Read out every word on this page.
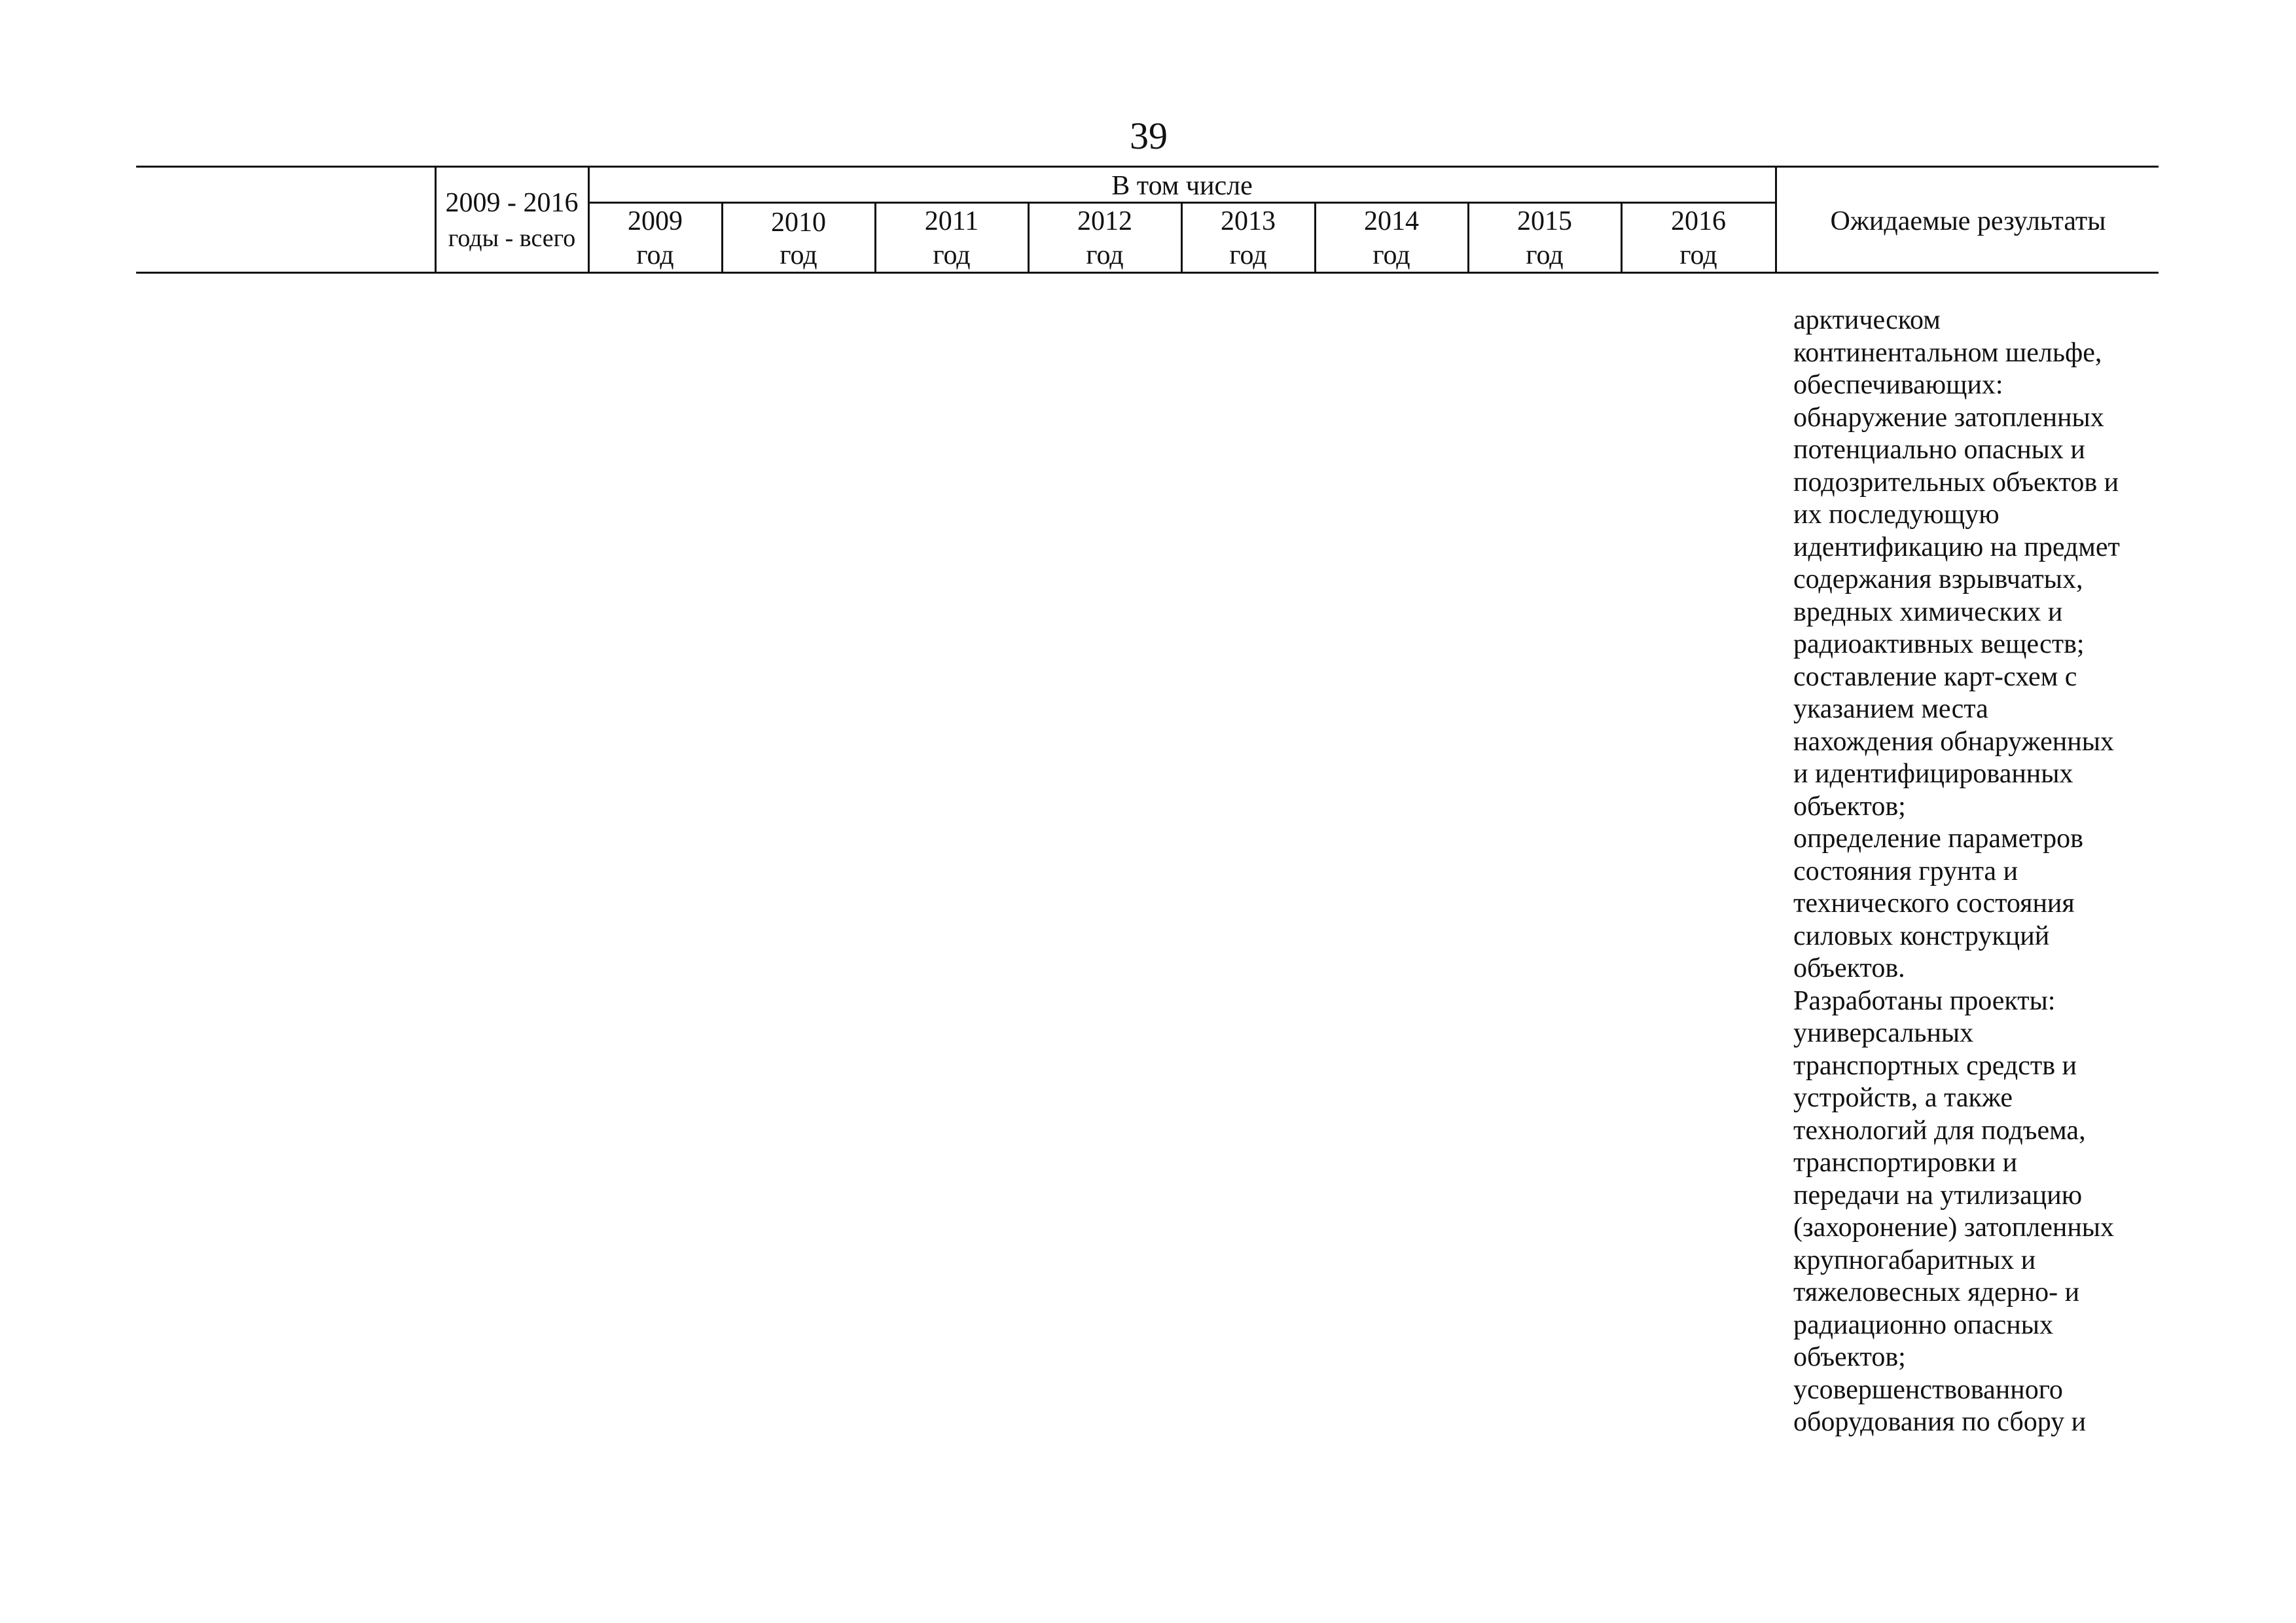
39
2009 - 2016
годы - всего
В том числе
2009
год
2010
год
2011
год
2012
год
2013
год
2014
год
2015
год
2016
год
Ожидаемые результаты
арктическом
континентальном шельфе,
обеспечивающих:
обнаружение затопленных
потенциально опасных и
подозрительных объектов и
их последующую
идентификацию на предмет
содержания взрывчатых,
вредных химических и
радиоактивных веществ;
составление карт-схем с
указанием места
нахождения обнаруженных
и идентифицированных
объектов;
определение параметров
состояния грунта и
технического состояния
силовых конструкций
объектов.
Разработаны проекты:
универсальных
транспортных средств и
устройств, а также
технологий для подъема,
транспортировки и
передачи на утилизацию
(захоронение) затопленных
крупногабаритных и
тяжеловесных ядерно- и
радиационно опасных
объектов;
усовершенствованного
оборудования по сбору и
